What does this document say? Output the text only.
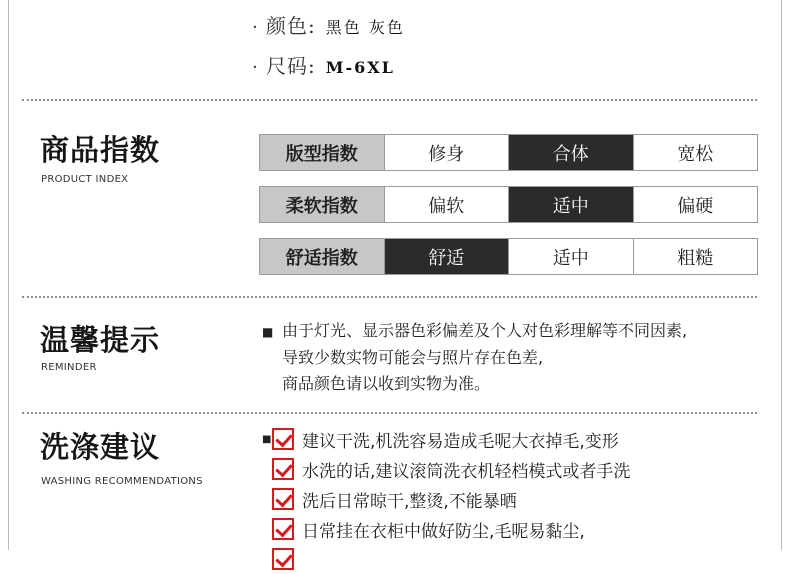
· 颜色: 黑色 灰色
· 尺码: M-6XL
商品指数
PRODUCT INDEX
版型指数	修身	合体	宽松
柔软指数	偏软	适中	偏硬
舒适指数	舒适	适中	粗糙
温馨提示
REMINDER
■ 由于灯光、显示器色彩偏差及个人对色彩理解等不同因素,
导致少数实物可能会与照片存在色差,
商品颜色请以收到实物为准。
洗涤建议
WASHING RECOMMENDATIONS
■ 建议干洗,机洗容易造成毛呢大衣掉毛,变形
水洗的话,建议滚筒洗衣机轻档模式或者手洗
洗后日常晾干,整烫,不能暴晒
日常挂在衣柜中做好防尘,毛呢易黏尘,
